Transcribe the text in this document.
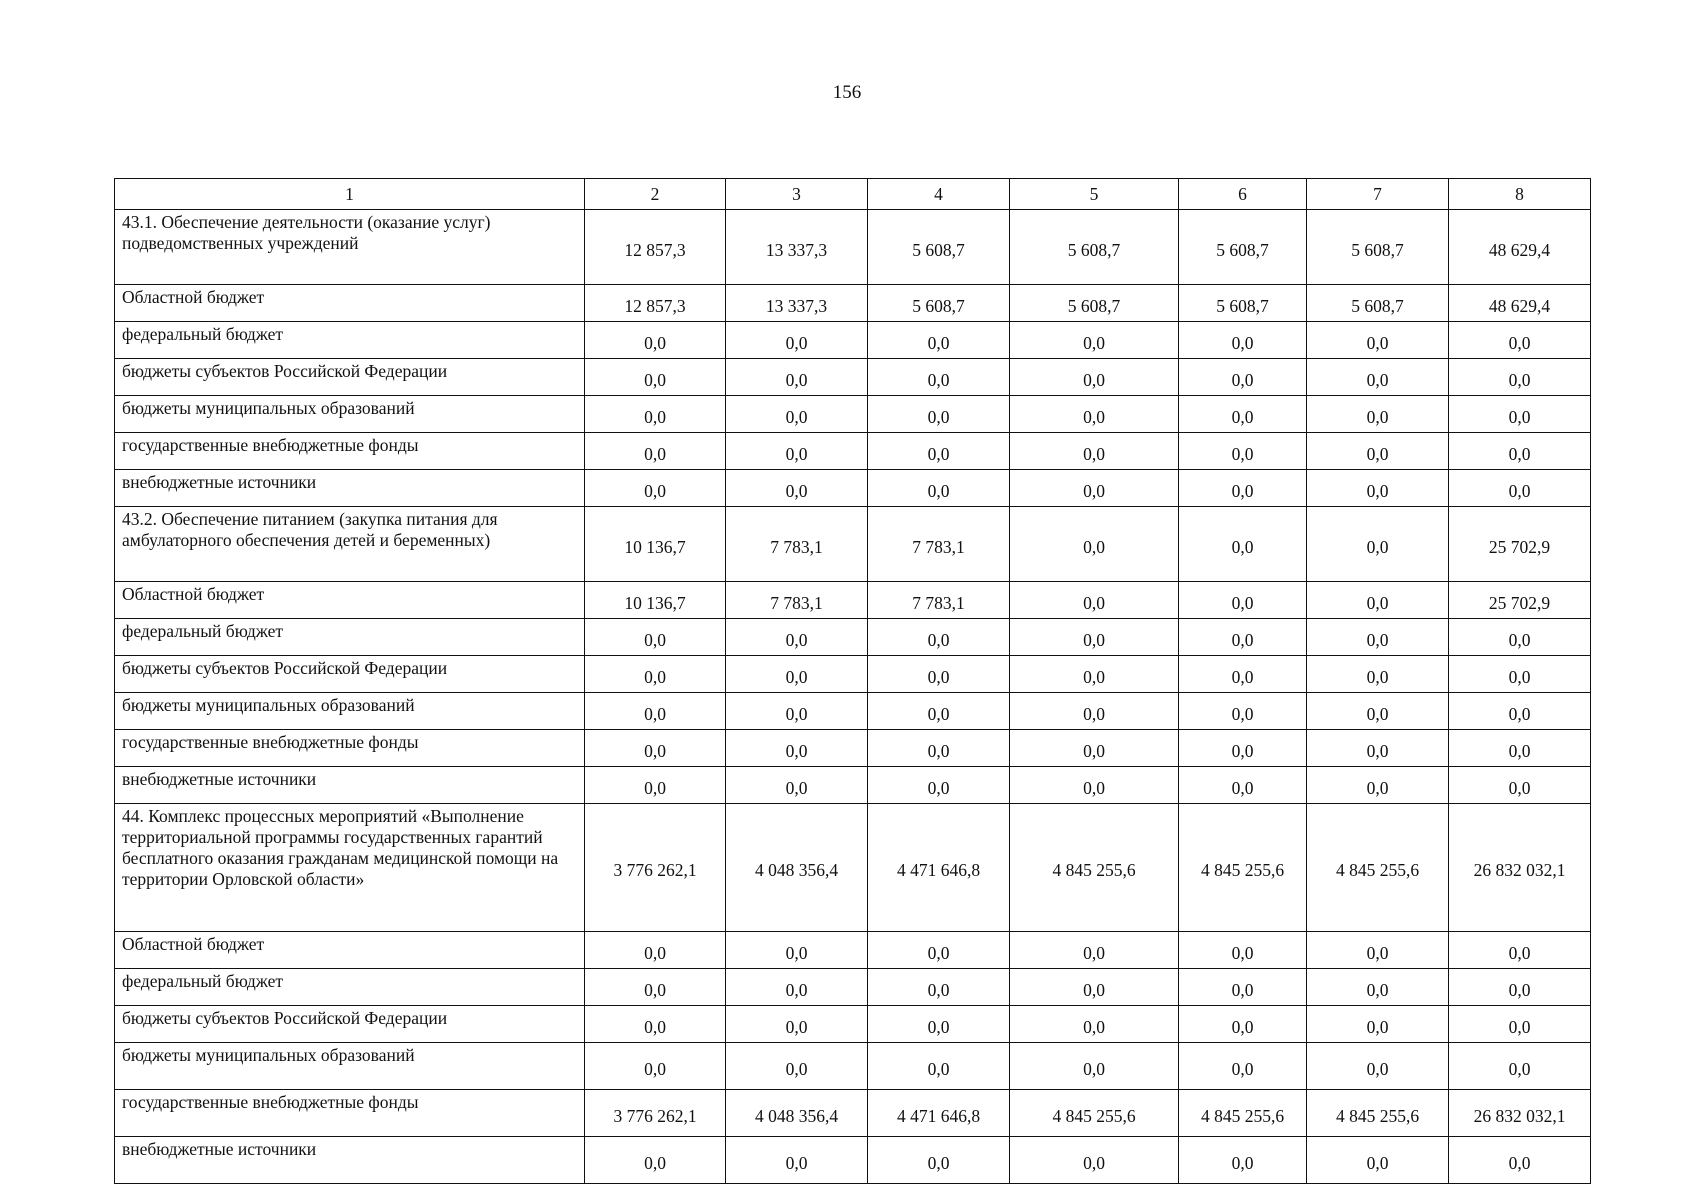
156
1	2	3	4	5	6	7	8
43.1. Обеспечение деятельности (оказание услуг) подведомственных учреждений	12 857,3	13 337,3	5 608,7	5 608,7	5 608,7	5 608,7	48 629,4
Областной бюджет	12 857,3	13 337,3	5 608,7	5 608,7	5 608,7	5 608,7	48 629,4
федеральный бюджет	0,0	0,0	0,0	0,0	0,0	0,0	0,0
бюджеты субъектов Российской Федерации	0,0	0,0	0,0	0,0	0,0	0,0	0,0
бюджеты муниципальных образований	0,0	0,0	0,0	0,0	0,0	0,0	0,0
государственные внебюджетные фонды	0,0	0,0	0,0	0,0	0,0	0,0	0,0
внебюджетные источники	0,0	0,0	0,0	0,0	0,0	0,0	0,0
43.2. Обеспечение питанием (закупка питания для амбулаторного обеспечения детей и беременных)	10 136,7	7 783,1	7 783,1	0,0	0,0	0,0	25 702,9
Областной бюджет	10 136,7	7 783,1	7 783,1	0,0	0,0	0,0	25 702,9
федеральный бюджет	0,0	0,0	0,0	0,0	0,0	0,0	0,0
бюджеты субъектов Российской Федерации	0,0	0,0	0,0	0,0	0,0	0,0	0,0
бюджеты муниципальных образований	0,0	0,0	0,0	0,0	0,0	0,0	0,0
государственные внебюджетные фонды	0,0	0,0	0,0	0,0	0,0	0,0	0,0
внебюджетные источники	0,0	0,0	0,0	0,0	0,0	0,0	0,0
44. Комплекс процессных мероприятий «Выполнение территориальной программы государственных гарантий бесплатного оказания гражданам медицинской помощи на территории Орловской области»	3 776 262,1	4 048 356,4	4 471 646,8	4 845 255,6	4 845 255,6	4 845 255,6	26 832 032,1
Областной бюджет	0,0	0,0	0,0	0,0	0,0	0,0	0,0
федеральный бюджет	0,0	0,0	0,0	0,0	0,0	0,0	0,0
бюджеты субъектов Российской Федерации	0,0	0,0	0,0	0,0	0,0	0,0	0,0
бюджеты муниципальных образований	0,0	0,0	0,0	0,0	0,0	0,0	0,0
государственные внебюджетные фонды	3 776 262,1	4 048 356,4	4 471 646,8	4 845 255,6	4 845 255,6	4 845 255,6	26 832 032,1
внебюджетные источники	0,0	0,0	0,0	0,0	0,0	0,0	0,0
